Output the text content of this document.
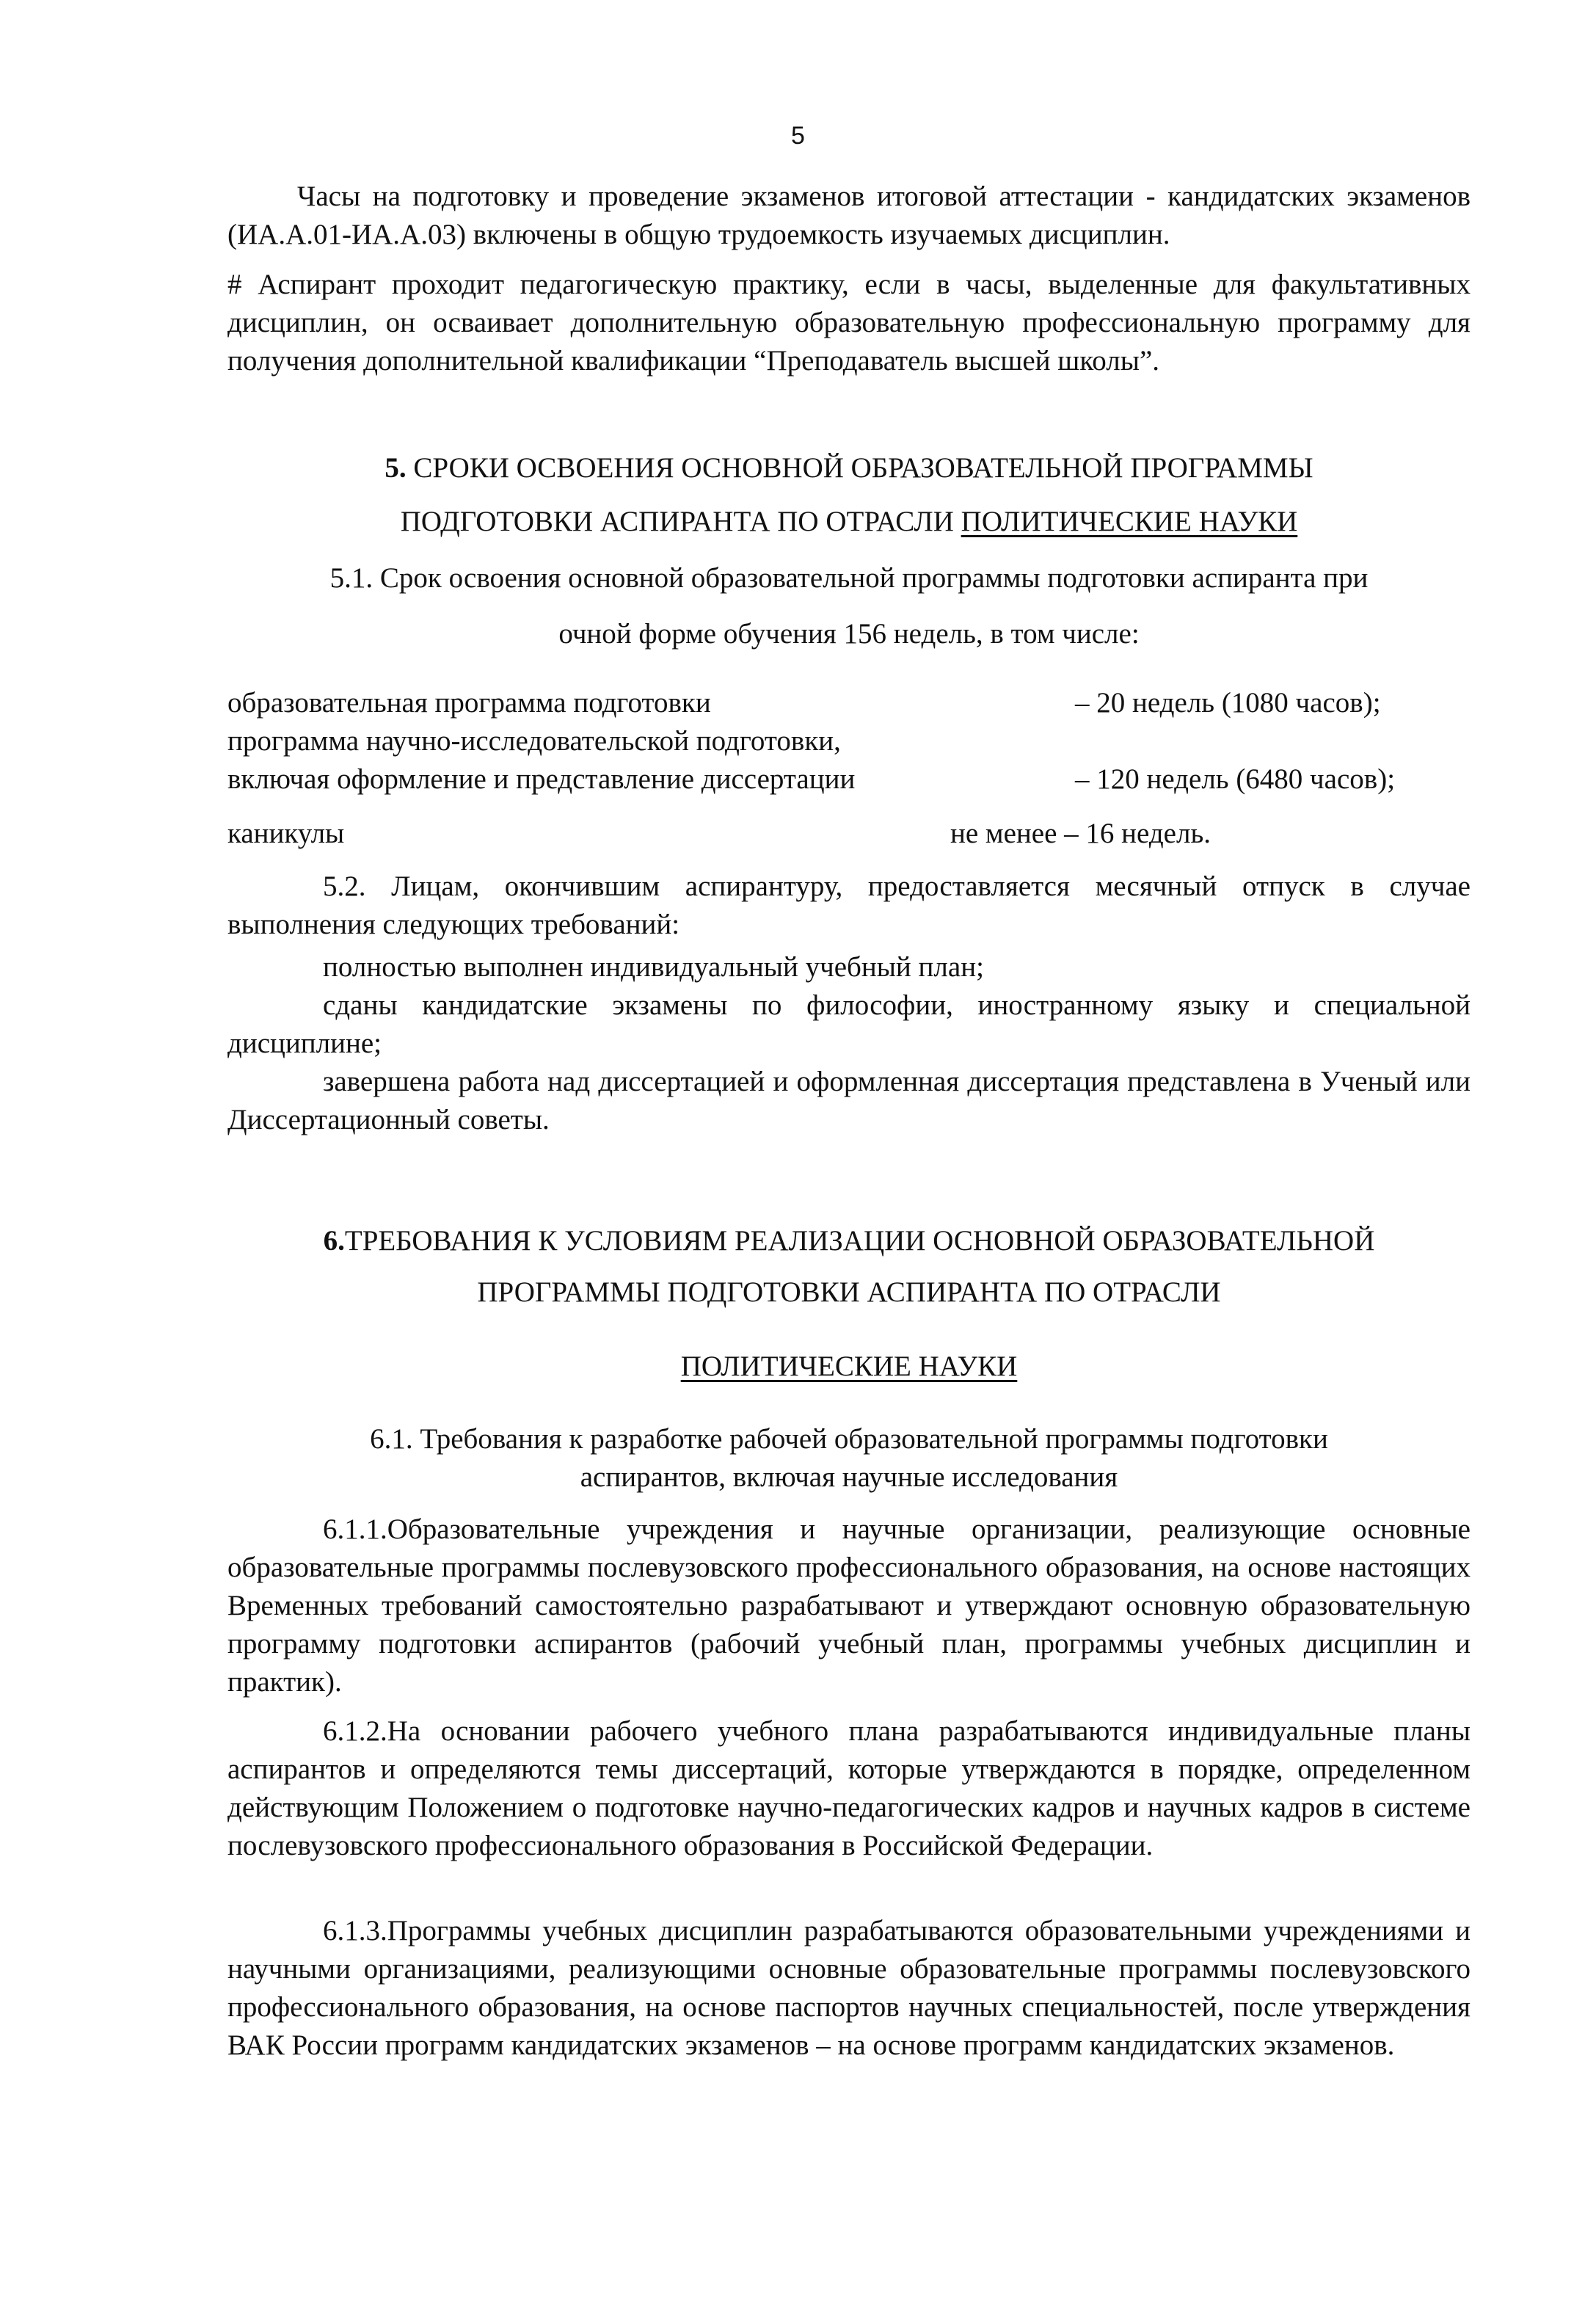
5
Часы на подготовку и проведение экзаменов итоговой аттестации - кандидатских экзаменов (ИА.А.01-ИА.А.03) включены в общую трудоемкость изучаемых дисциплин.
# Аспирант проходит педагогическую практику, если в часы, выделенные для факультативных дисциплин, он осваивает дополнительную образовательную профессиональную программу для получения дополнительной квалификации “Преподаватель высшей школы”.
5. СРОКИ ОСВОЕНИЯ ОСНОВНОЙ ОБРАЗОВАТЕЛЬНОЙ ПРОГРАММЫ
ПОДГОТОВКИ АСПИРАНТА ПО ОТРАСЛИ ПОЛИТИЧЕСКИЕ НАУКИ
5.1. Срок освоения основной образовательной программы подготовки аспиранта при
очной форме обучения 156 недель, в том числе:
образовательная программа подготовки	– 20 недель (1080 часов);
программа научно-исследовательской подготовки,
включая оформление и представление диссертации	– 120 недель (6480 часов);
каникулы	не менее – 16 недель.
5.2. Лицам, окончившим аспирантуру, предоставляется месячный отпуск в случае выполнения следующих требований:
полностью выполнен индивидуальный учебный план;
сданы кандидатские экзамены по философии, иностранному языку и специальной дисциплине;
завершена работа над диссертацией и оформленная диссертация представлена в Ученый или Диссертационный советы.
6.ТРЕБОВАНИЯ К УСЛОВИЯМ РЕАЛИЗАЦИИ ОСНОВНОЙ ОБРАЗОВАТЕЛЬНОЙ
ПРОГРАММЫ ПОДГОТОВКИ АСПИРАНТА ПО ОТРАСЛИ
ПОЛИТИЧЕСКИЕ НАУКИ
6.1. Требования к разработке рабочей образовательной программы подготовки
аспирантов, включая научные исследования
6.1.1.Образовательные учреждения и научные организации, реализующие основные образовательные программы послевузовского профессионального образования, на основе настоящих Временных требований самостоятельно разрабатывают и утверждают основную образовательную программу подготовки аспирантов (рабочий учебный план, программы учебных дисциплин и практик).
6.1.2.На основании рабочего учебного плана разрабатываются индивидуальные планы аспирантов и определяются темы диссертаций, которые утверждаются в порядке, определенном действующим Положением о подготовке научно-педагогических кадров и научных кадров в системе послевузовского профессионального образования в Российской Федерации.
6.1.3.Программы учебных дисциплин разрабатываются образовательными учреждениями и научными организациями, реализующими основные образовательные программы послевузовского профессионального образования, на основе паспортов научных специальностей, после утверждения ВАК России программ кандидатских экзаменов – на основе программ кандидатских экзаменов.
